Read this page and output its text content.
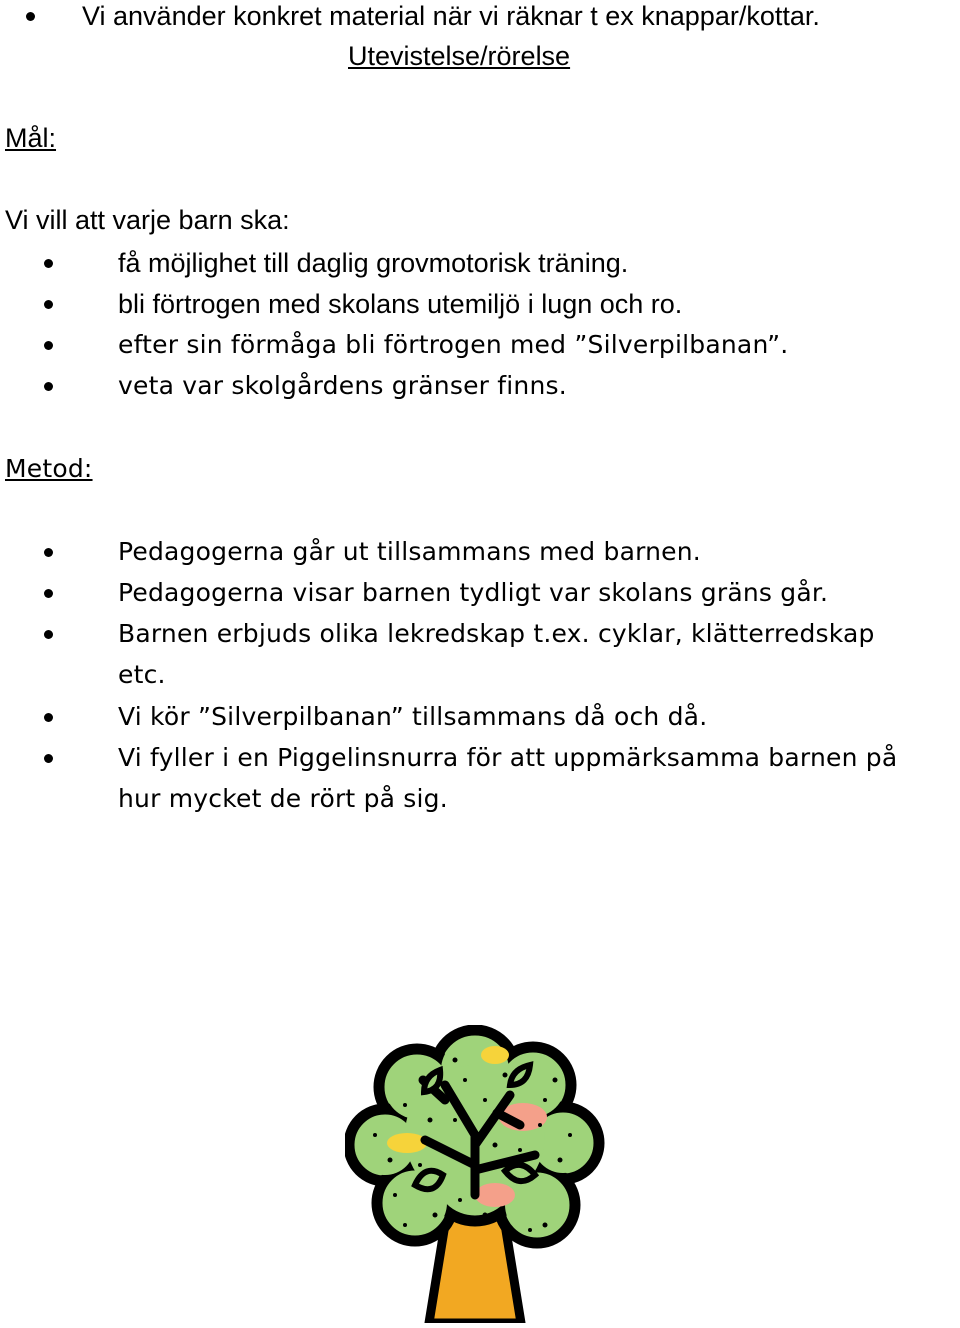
Vi använder konkret material när vi räknar t ex knappar/kottar.
Utevistelse/rörelse
Mål:
Vi vill att varje barn ska:
få möjlighet till daglig grovmotorisk träning.
bli förtrogen med skolans utemiljö i lugn och ro.
efter sin förmåga bli förtrogen med ”Silverpilbanan”.
veta var skolgårdens gränser finns.
Metod:
Pedagogerna går ut tillsammans med barnen.
Pedagogerna visar barnen tydligt var skolans gräns går.
Barnen erbjuds olika lekredskap t.ex. cyklar, klätterredskap
etc.
Vi kör ”Silverpilbanan” tillsammans då och då.
Vi fyller i en Piggelinsnurra för att uppmärksamma barnen på
hur mycket de rört på sig.
